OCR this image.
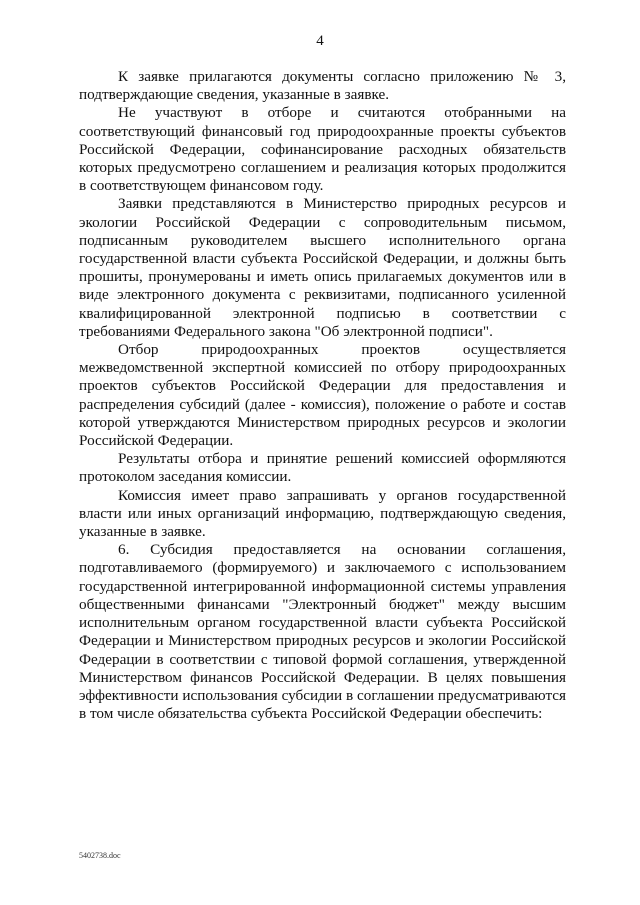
4

К заявке прилагаются документы согласно приложению № 3, подтверждающие сведения, указанные в заявке.

Не участвуют в отборе и считаются отобранными на соответствующий финансовый год природоохранные проекты субъектов Российской Федерации, софинансирование расходных обязательств которых предусмотрено соглашением и реализация которых продолжится в соответствующем финансовом году.

Заявки представляются в Министерство природных ресурсов и экологии Российской Федерации с сопроводительным письмом, подписанным руководителем высшего исполнительного органа государственной власти субъекта Российской Федерации, и должны быть прошиты, пронумерованы и иметь опись прилагаемых документов или в виде электронного документа с реквизитами, подписанного усиленной квалифицированной электронной подписью в соответствии с требованиями Федерального закона "Об электронной подписи".

Отбор природоохранных проектов осуществляется межведомственной экспертной комиссией по отбору природоохранных проектов субъектов Российской Федерации для предоставления и распределения субсидий (далее - комиссия), положение о работе и состав которой утверждаются Министерством природных ресурсов и экологии Российской Федерации.

Результаты отбора и принятие решений комиссией оформляются протоколом заседания комиссии.

Комиссия имеет право запрашивать у органов государственной власти или иных организаций информацию, подтверждающую сведения, указанные в заявке.

6. Субсидия предоставляется на основании соглашения, подготавливаемого (формируемого) и заключаемого с использованием государственной интегрированной информационной системы управления общественными финансами "Электронный бюджет" между высшим исполнительным органом государственной власти субъекта Российской Федерации и Министерством природных ресурсов и экологии Российской Федерации в соответствии с типовой формой соглашения, утвержденной Министерством финансов Российской Федерации. В целях повышения эффективности использования субсидии в соглашении предусматриваются в том числе обязательства субъекта Российской Федерации обеспечить:

5402738.doc
